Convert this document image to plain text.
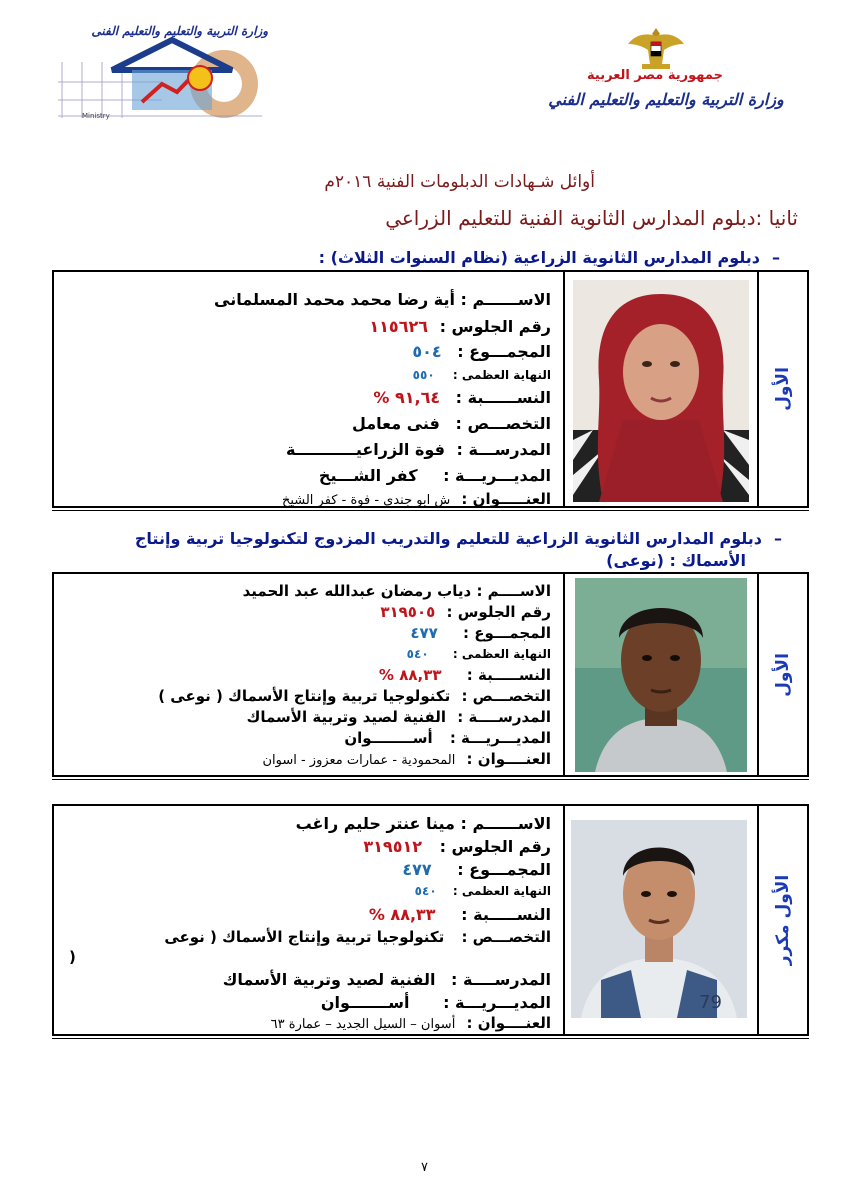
Ministry
وزارة التربية والتعليم والتعليم الفنى
جمهورية مصر العربية
وزارة التربية والتعليم والتعليم الفني
أوائل شـهادات الدبلومات الفنية ٢٠١٦م
ثانيا :دبلوم المدارس الثانوية الفنية للتعليم الزراعي
–دبلوم المدارس الثانوية الزراعية (نظام السنوات الثلاث) :
الأول
الاســــــم : أية رضا محمد محمد المسلمانى
رقم الجلوس : ١١٥٦٢٦
المجمـــوع : ٥٠٤
النهاية العظمى : ٥٥٠
النســــــبة : ٩١,٦٤ %
التخصـــص : فنى معامل
المدرســـة : فوة الزراعيـــــــــــة
المديـــريـــة : كفر الشـــيخ
العنـــــوان : ش ابو جندي - فوة - كفر الشيخ
–دبلوم المدارس الثانوية الزراعية للتعليم والتدريب المزدوج لتكنولوجيا تربية وإنتاج
الأسماك : (نوعى)
الأول
الاســــم : دياب رمضان عبدالله عبد الحميد
رقم الجلوس : ٣١٩٥٠٥
المجمـــوع : ٤٧٧
النهاية العظمى : ٥٤٠
النســـــبة : ٨٨,٣٣ %
التخصـــص : تكنولوجيا تربية وإنتاج الأسماك ( نوعى )
المدرســــة : الفنية لصيد وتربية الأسماك
المديـــريـــة : أســــــــوان
العنــــوان : المحمودية - عمارات معزوز - اسوان
الأول مكرر
79
الاســــــم : مينا عنتر حليم راغب
رقم الجلوس : ٣١٩٥١٢
المجمـــوع : ٤٧٧
النهاية العظمى : ٥٤٠
النســـــبة : ٨٨,٣٣ %
التخصـــص : تكنولوجيا تربية وإنتاج الأسماك ( نوعى
)
المدرســــة : الفنية لصيد وتربية الأسماك
المديـــريـــة : أســـــــوان
العنــــوان : أسوان – السيل الجديد – عمارة ٦٣
٧
